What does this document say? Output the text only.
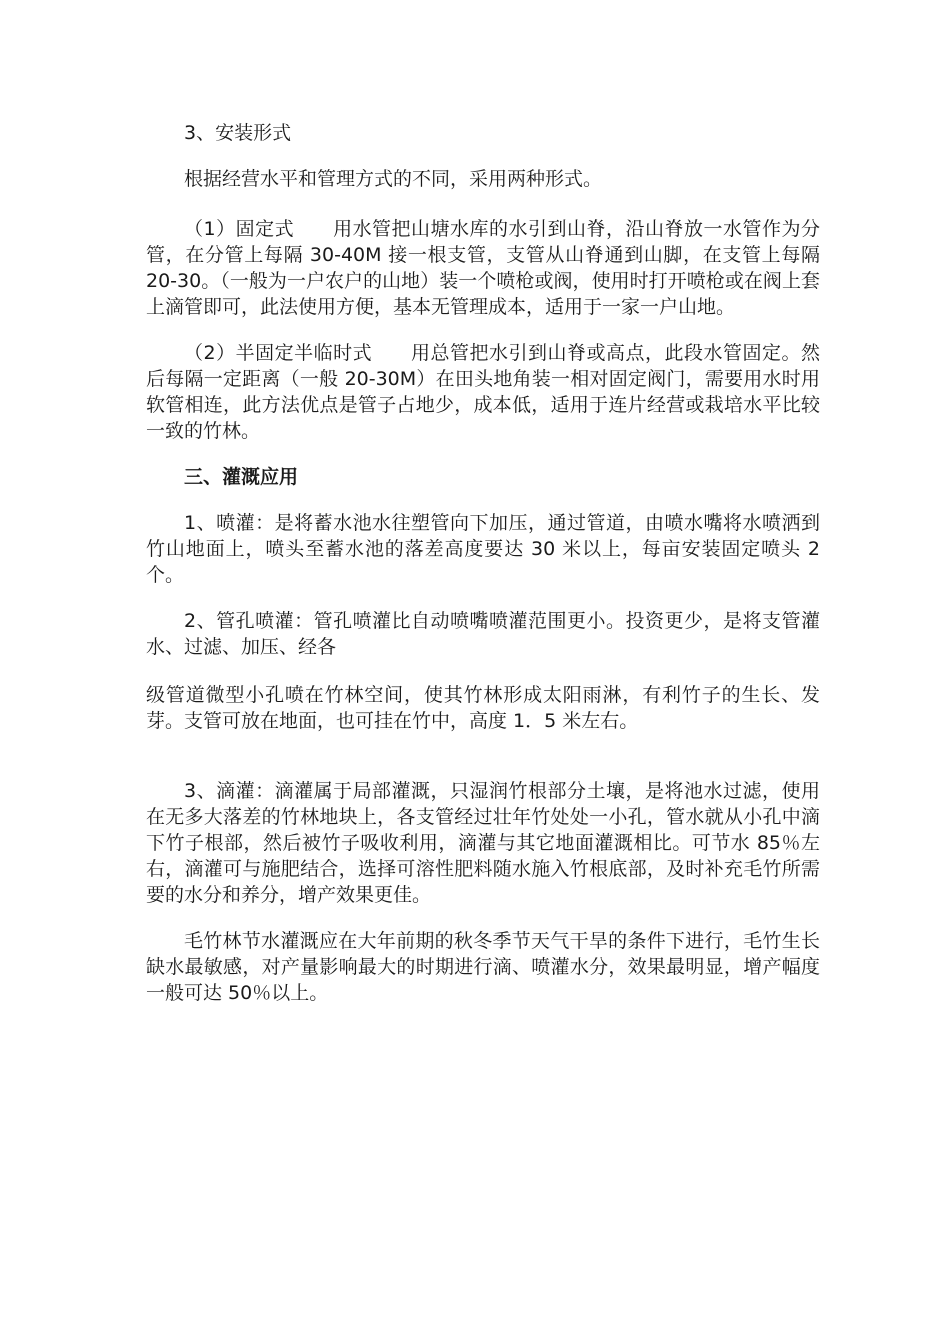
3、安装形式

根据经营水平和管理方式的不同，采用两种形式。

（1）固定式　　用水管把山塘水库的水引到山脊，沿山脊放一水管作为分管，在分管上每隔 30-40M 接一根支管，支管从山脊通到山脚，在支管上每隔 20-30。（一般为一户农户的山地）装一个喷枪或阀，使用时打开喷枪或在阀上套上滴管即可，此法使用方便，基本无管理成本，适用于一家一户山地。

（2）半固定半临时式　　用总管把水引到山脊或高点，此段水管固定。然后每隔一定距离（一般 20-30M）在田头地角装一相对固定阀门，需要用水时用软管相连，此方法优点是管子占地少，成本低，适用于连片经营或栽培水平比较一致的竹林。

三、灌溉应用

1、喷灌：是将蓄水池水往塑管向下加压，通过管道，由喷水嘴将水喷洒到竹山地面上，喷头至蓄水池的落差高度要达 30 米以上，每亩安装固定喷头 2 个。

2、管孔喷灌：管孔喷灌比自动喷嘴喷灌范围更小。投资更少，是将支管灌水、过滤、加压、经各

级管道微型小孔喷在竹林空间，使其竹林形成太阳雨淋，有利竹子的生长、发芽。支管可放在地面，也可挂在竹中，高度 1．5 米左右。

3、滴灌：滴灌属于局部灌溉，只湿润竹根部分土壤，是将池水过滤，使用在无多大落差的竹林地块上，各支管经过壮年竹处处一小孔，管水就从小孔中滴下竹子根部，然后被竹子吸收利用，滴灌与其它地面灌溉相比。可节水 85％左右，滴灌可与施肥结合，选择可溶性肥料随水施入竹根底部，及时补充毛竹所需要的水分和养分，增产效果更佳。

毛竹林节水灌溉应在大年前期的秋冬季节天气干旱的条件下进行，毛竹生长缺水最敏感，对产量影响最大的时期进行滴、喷灌水分，效果最明显，增产幅度一般可达 50％以上。
